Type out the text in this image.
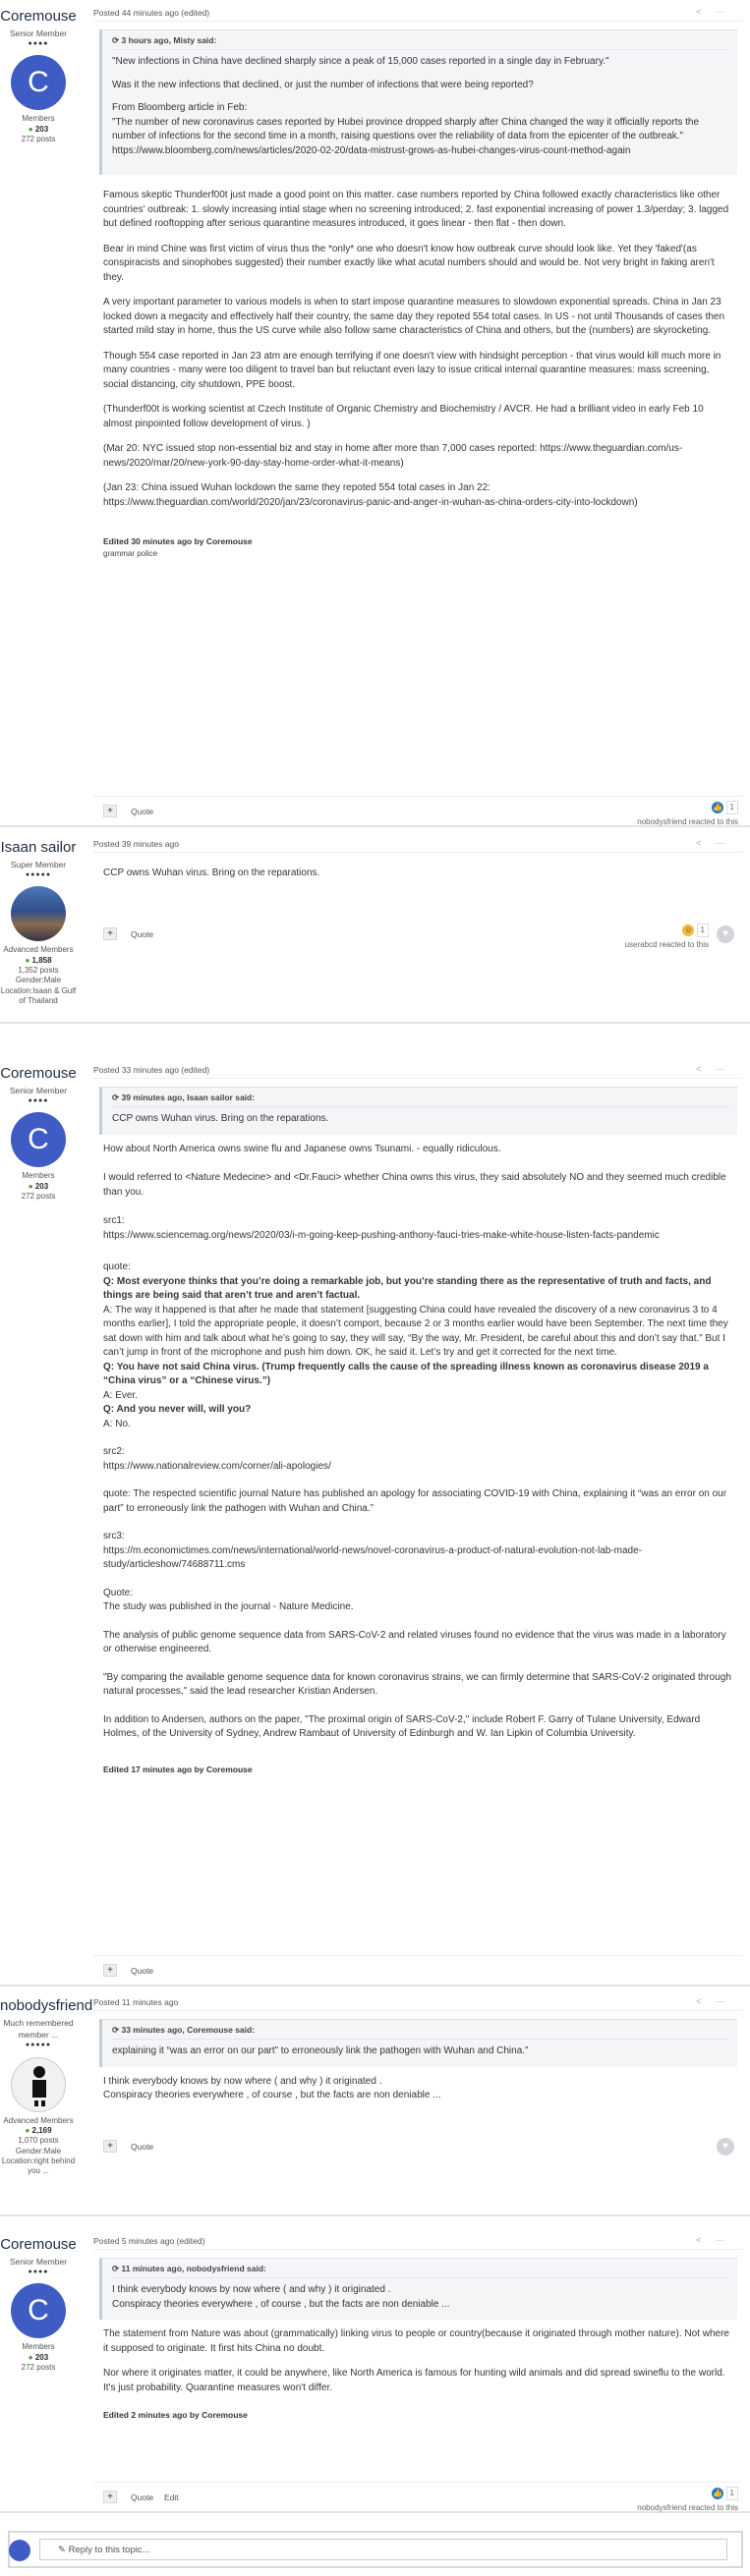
Coremouse
Senior Member
●●●●
C
Members
● 203
272 posts
Posted 44 minutes ago (edited)	< ⋯
⟳ 3 hours ago, Misty said:

"New infections in China have declined sharply since a peak of 15,000 cases reported in a single day in February."

Was it the new infections that declined, or just the number of infections that were being reported?

From Bloomberg article in Feb:

"The number of new coronavirus cases reported by Hubei province dropped sharply after China changed the way it officially reports the number of infections for the second time in a month, raising questions over the reliability of data from the epicenter of the outbreak." https://www.bloomberg.com/news/articles/2020-02-20/data-mistrust-grows-as-hubei-changes-virus-count-method-again

Famous skeptic Thunderf00t just made a good point on this matter. case numbers reported by China followed exactly characteristics like other countries' outbreak: 1. slowly increasing intial stage when no screening introduced; 2. fast exponential increasing of power 1.3/perday; 3. lagged but defined rooftopping after serious quarantine measures introduced, it goes linear - then flat - then down.

Bear in mind Chine was first victim of virus thus the *only* one who doesn't know how outbreak curve should look like. Yet they 'faked'(as conspiracists and sinophobes suggested) their number exactly like what acutal numbers should and would be. Not very bright in faking aren't they.

A very important parameter to various models is when to start impose quarantine measures to slowdown exponential spreads. China in Jan 23 locked down a megacity and effectively half their country, the same day they repoted 554 total cases. In US - not until Thousands of cases then started mild stay in home, thus the US curve while also follow same characteristics of China and others, but the (numbers) are skyrocketing.

Though 554 case reported in Jan 23 atm are enough terrifying if one doesn't view with hindsight perception - that virus would kill much more in many countries - many were too diligent to travel ban but reluctant even lazy to issue critical internal quarantine measures: mass screening, social distancing, city shutdown, PPE boost.

(Thunderf00t is working scientist at Czech Institute of Organic Chemistry and Biochemistry / AVCR. He had a brilliant video in early Feb 10 almost pinpointed follow development of virus. )

(Mar 20: NYC issued stop non-essential biz and stay in home after more than 7,000 cases reported: https://www.theguardian.com/us-news/2020/mar/20/new-york-90-day-stay-home-order-what-it-means)

(Jan 23: China issued Wuhan lockdown the same they repoted 554 total cases in Jan 22: https://www.theguardian.com/world/2020/jan/23/coronavirus-panic-and-anger-in-wuhan-as-china-orders-city-into-lockdown)

Edited 30 minutes ago by Coremouse
grammar police
+	Quote	👍 1
nobodysfriend reacted to this
Isaan sailor
Super Member
●●●●●
Advanced Members
● 1,858
1,352 posts
Gender:Male
Location:Isaan & Gulf of Thailand
Posted 39 minutes ago	< ⋯

CCP owns Wuhan virus. Bring on the reparations.

+	Quote	☺ 1
userabcd reacted to this
♥
Coremouse
Senior Member
●●●●
C
Members
● 203
272 posts
Posted 33 minutes ago (edited)	< ⋯
⟳ 39 minutes ago, Isaan sailor said:

CCP owns Wuhan virus. Bring on the reparations.

How about North America owns swine flu and Japanese owns Tsunami. - equally ridiculous.

I would referred to <Nature Medecine> and <Dr.Fauci> whether China owns this virus, they said absolutely NO and they seemed much credible than you.

src1:

https://www.sciencemag.org/news/2020/03/i-m-going-keep-pushing-anthony-fauci-tries-make-white-house-listen-facts-pandemic

quote:

Q: Most everyone thinks that you’re doing a remarkable job, but you’re standing there as the representative of truth and facts, and things are being said that aren’t true and aren’t factual.

A: The way it happened is that after he made that statement [suggesting China could have revealed the discovery of a new coronavirus 3 to 4 months earlier], I told the appropriate people, it doesn’t comport, because 2 or 3 months earlier would have been September. The next time they sat down with him and talk about what he’s going to say, they will say, “By the way, Mr. President, be careful about this and don’t say that.” But I can’t jump in front of the microphone and push him down. OK, he said it. Let’s try and get it corrected for the next time.

Q: You have not said China virus. (Trump frequently calls the cause of the spreading illness known as coronavirus disease 2019 a “China virus” or a “Chinese virus.”)

A: Ever.

Q: And you never will, will you?

A: No.

src2:

https://www.nationalreview.com/corner/ali-apologies/

quote: The respected scientific journal Nature has published an apology for associating COVID-19 with China, explaining it “was an error on our part” to erroneously link the pathogen with Wuhan and China.”

src3:

https://m.economictimes.com/news/international/world-news/novel-coronavirus-a-product-of-natural-evolution-not-lab-made-study/articleshow/74688711.cms

Quote:

The study was published in the journal - Nature Medicine.

The analysis of public genome sequence data from SARS-CoV-2 and related viruses found no evidence that the virus was made in a laboratory or otherwise engineered.

"By comparing the available genome sequence data for known coronavirus strains, we can firmly determine that SARS-CoV-2 originated through natural processes," said the lead researcher Kristian Andersen.

In addition to Andersen, authors on the paper, "The proximal origin of SARS-CoV-2," include Robert F. Garry of Tulane University, Edward Holmes, of the University of Sydney, Andrew Rambaut of University of Edinburgh and W. Ian Lipkin of Columbia University.

Edited 17 minutes ago by Coremouse
+	Quote
nobodysfriend
Much remembered member ...
●●●●●
Advanced Members
● 2,169
1,070 posts
Gender:Male
Location:right behind you ...
Posted 11 minutes ago	< ⋯
⟳ 33 minutes ago, Coremouse said:

explaining it “was an error on our part” to erroneously link the pathogen with Wuhan and China.”

I think everybody knows by now where ( and why ) it originated .

Conspiracy theories everywhere , of course , but the facts are non deniable ...

+	Quote	♥
Coremouse
Senior Member
●●●●
C
Members
● 203
272 posts
Posted 5 minutes ago (edited)	< ⋯
⟳ 11 minutes ago, nobodysfriend said:

I think everybody knows by now where ( and why ) it originated .

Conspiracy theories everywhere , of course , but the facts are non deniable ...

The statement from Nature was about (grammatically) linking virus to people or country(because it originated through mother nature). Not where it supposed to originate. It first hits China no doubt.

Nor where it originates matter, it could be anywhere, like North America is famous for hunting wild animals and did spread swineflu to the world. It's just probability. Quarantine measures won't differ.

Edited 2 minutes ago by Coremouse
+	Quote Edit	👍 1
nobodysfriend reacted to this
✎ Reply to this topic...
